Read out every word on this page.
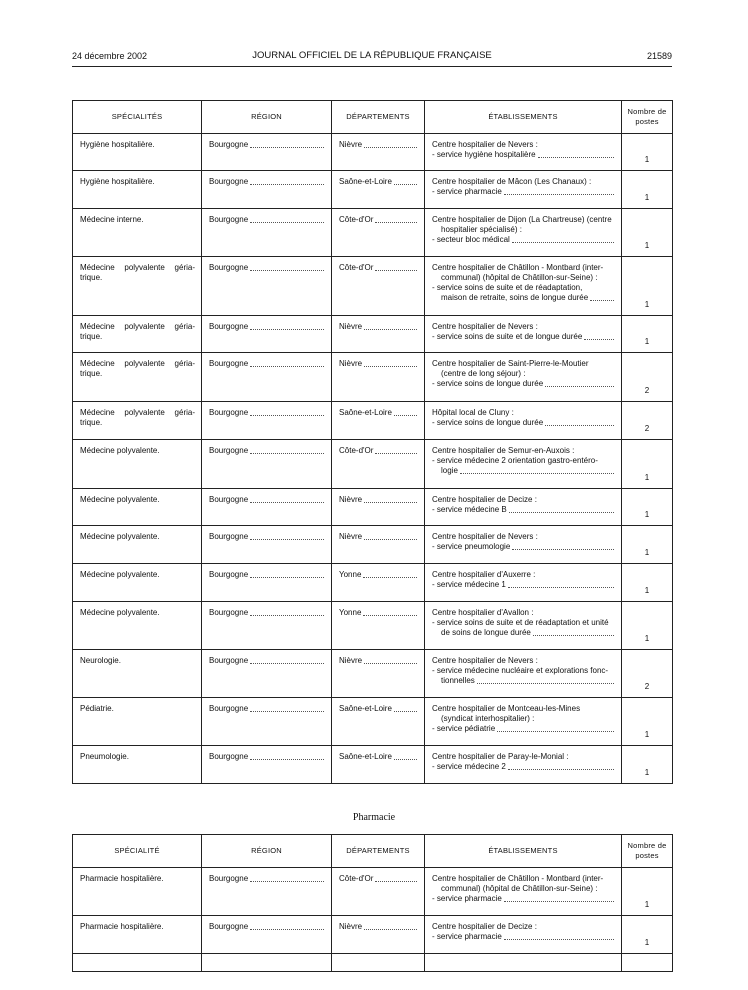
24 décembre 2002	JOURNAL OFFICIEL DE LA RÉPUBLIQUE FRANÇAISE	21589
SPÉCIALITÉS	RÉGION	DÉPARTEMENTS	ÉTABLISSEMENTS	Nombre de postes

Hygiène hospitalière.	Bourgogne	Nièvre	Centre hospitalier de Nevers :
- service hygiène hospitalière	1

Hygiène hospitalière.	Bourgogne	Saône-et-Loire	Centre hospitalier de Mâcon (Les Chanaux) :
- service pharmacie	1

Médecine interne.	Bourgogne	Côte-d'Or	Centre hospitalier de Dijon (La Chartreuse) (centre
hospitalier spécialisé) :
- secteur bloc médical	1

Médecine polyvalente géria-trique.	Bourgogne	Côte-d'Or	Centre hospitalier de Châtillon - Montbard (inter-
communal) (hôpital de Châtillon-sur-Seine) :
- service soins de suite et de réadaptation,
maison de retraite, soins de longue durée	1

Médecine polyvalente géria-trique.	Bourgogne	Nièvre	Centre hospitalier de Nevers :
- service soins de suite et de longue durée	1

Médecine polyvalente géria-trique.	Bourgogne	Nièvre	Centre hospitalier de Saint-Pierre-le-Moutier
(centre de long séjour) :
- service soins de longue durée	2

Médecine polyvalente géria-trique.	Bourgogne	Saône-et-Loire	Hôpital local de Cluny :
- service soins de longue durée	2

Médecine polyvalente.	Bourgogne	Côte-d'Or	Centre hospitalier de Semur-en-Auxois :
- service médecine 2 orientation gastro-entéro-
logie	1

Médecine polyvalente.	Bourgogne	Nièvre	Centre hospitalier de Decize :
- service médecine B	1

Médecine polyvalente.	Bourgogne	Nièvre	Centre hospitalier de Nevers :
- service pneumologie	1

Médecine polyvalente.	Bourgogne	Yonne	Centre hospitalier d'Auxerre :
- service médecine 1	1

Médecine polyvalente.	Bourgogne	Yonne	Centre hospitalier d'Avallon :
- service soins de suite et de réadaptation et unité
de soins de longue durée	1

Neurologie.	Bourgogne	Nièvre	Centre hospitalier de Nevers :
- service médecine nucléaire et explorations fonc-
tionnelles	2

Pédiatrie.	Bourgogne	Saône-et-Loire	Centre hospitalier de Montceau-les-Mines
(syndicat interhospitalier) :
- service pédiatrie	1

Pneumologie.	Bourgogne	Saône-et-Loire	Centre hospitalier de Paray-le-Monial :
- service médecine 2	1
Pharmacie
SPÉCIALITÉ	RÉGION	DÉPARTEMENTS	ÉTABLISSEMENTS	Nombre de postes

Pharmacie hospitalière.	Bourgogne	Côte-d'Or	Centre hospitalier de Châtillon - Montbard (inter-
communal) (hôpital de Châtillon-sur-Seine) :
- service pharmacie	1

Pharmacie hospitalière.	Bourgogne	Nièvre	Centre hospitalier de Decize :
- service pharmacie	1
